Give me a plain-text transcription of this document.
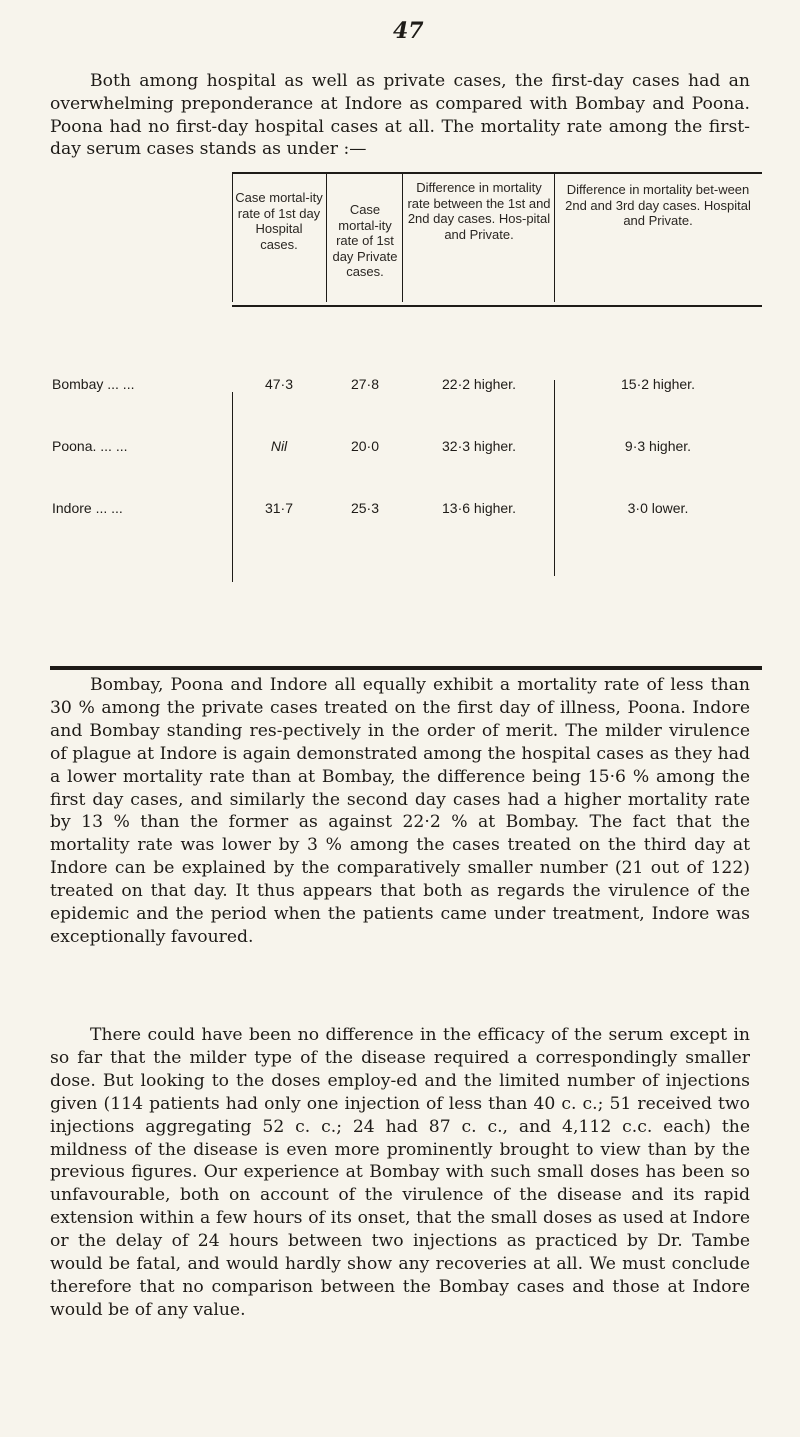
47

Both among hospital as well as private cases, the first-day cases had an overwhelming preponderance at Indore as compared with Bombay and Poona. Poona had no first-day hospital cases at all. The mortality rate among the first-day serum cases stands as under :—

Case mortal-ity rate of 1st day Hospital cases.
Case mortal-ity rate of 1st day Private cases.
Difference in mortality rate between the 1st and 2nd day cases. Hos-pital and Private.
Difference in mortality bet-ween 2nd and 3rd day cases. Hospital and Private.
Bombay ... ...	47·3	27·8	22·2 higher.	15·2 higher.
Poona. ... ...	Nil	20·0	32·3 higher.	9·3 higher.
Indore ... ...	31·7	25·3	13·6 higher.	3·0 lower.

Bombay, Poona and Indore all equally exhibit a mortality rate of less than 30 % among the private cases treated on the first day of illness, Poona. Indore and Bombay standing res-pectively in the order of merit. The milder virulence of plague at Indore is again demonstrated among the hospital cases as they had a lower mortality rate than at Bombay, the difference being 15·6 % among the first day cases, and similarly the second day cases had a higher mortality rate by 13 % than the former as against 22·2 % at Bombay. The fact that the mortality rate was lower by 3 % among the cases treated on the third day at Indore can be explained by the comparatively smaller number (21 out of 122) treated on that day. It thus appears that both as regards the virulence of the epidemic and the period when the patients came under treatment, Indore was exceptionally favoured.

There could have been no difference in the efficacy of the serum except in so far that the milder type of the disease required a correspondingly smaller dose. But looking to the doses employ-ed and the limited number of injections given (114 patients had only one injection of less than 40 c. c.; 51 received two injections aggregating 52 c. c.; 24 had 87 c. c., and 4,112 c.c. each) the mildness of the disease is even more prominently brought to view than by the previous figures. Our experience at Bombay with such small doses has been so unfavourable, both on account of the virulence of the disease and its rapid extension within a few hours of its onset, that the small doses as used at Indore or the delay of 24 hours between two injections as practiced by Dr. Tambe would be fatal, and would hardly show any recoveries at all. We must conclude therefore that no comparison between the Bombay cases and those at Indore would be of any value.
